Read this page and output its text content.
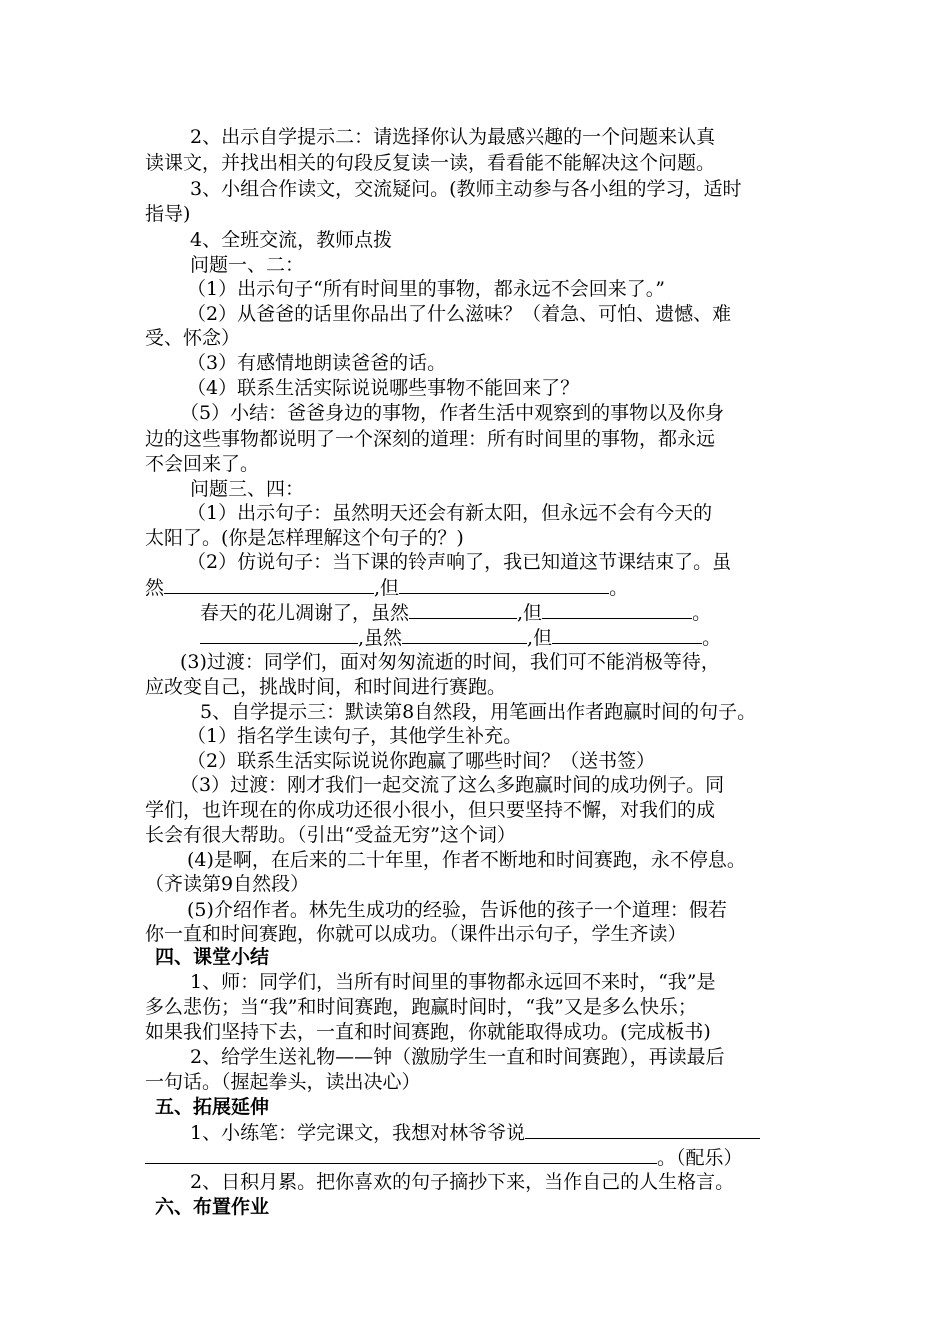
2、出示自学提示二：请选择你认为最感兴趣的一个问题来认真
读课文，并找出相关的句段反复读一读，看看能不能解决这个问题。
3、小组合作读文，交流疑问。(教师主动参与各小组的学习，适时
指导)
4、全班交流，教师点拨
问题一、二：
（1）出示句子“所有时间里的事物，都永远不会回来了。”
（2）从爸爸的话里你品出了什么滋味？（着急、可怕、遗憾、难
受、怀念）
（3）有感情地朗读爸爸的话。
（4）联系生活实际说说哪些事物不能回来了？
（5）小结：爸爸身边的事物，作者生活中观察到的事物以及你身
边的这些事物都说明了一个深刻的道理：所有时间里的事物，都永远
不会回来了。
问题三、四：
（1）出示句子：虽然明天还会有新太阳，但永远不会有今天的
太阳了。(你是怎样理解这个句子的？)
（2）仿说句子：当下课的铃声响了，我已知道这节课结束了。虽
然	,但	。
春天的花儿凋谢了，虽然	,但	。
,虽然	,但	。
(3)过渡：同学们，面对匆匆流逝的时间，我们可不能消极等待，
应改变自己，挑战时间，和时间进行赛跑。
5、自学提示三：默读第8自然段，用笔画出作者跑赢时间的句子。
（1）指名学生读句子，其他学生补充。
（2）联系生活实际说说你跑赢了哪些时间？（送书签）
（3）过渡：刚才我们一起交流了这么多跑赢时间的成功例子。同
学们，也许现在的你成功还很小很小，但只要坚持不懈，对我们的成
长会有很大帮助。（引出“受益无穷”这个词）
(4)是啊，在后来的二十年里，作者不断地和时间赛跑，永不停息。
（齐读第9自然段）
(5)介绍作者。林先生成功的经验，告诉他的孩子一个道理：假若
你一直和时间赛跑，你就可以成功。（课件出示句子，学生齐读）
四、课堂小结
1、师：同学们，当所有时间里的事物都永远回不来时，“我”是
多么悲伤；当“我”和时间赛跑，跑赢时间时，“我”又是多么快乐；
如果我们坚持下去，一直和时间赛跑，你就能取得成功。(完成板书)
2、给学生送礼物——钟（激励学生一直和时间赛跑），再读最后
一句话。（握起拳头，读出决心）
五、拓展延伸
1、小练笔：学完课文，我想对林爷爷说
。（配乐）
2、日积月累。把你喜欢的句子摘抄下来，当作自己的人生格言。
六、布置作业
